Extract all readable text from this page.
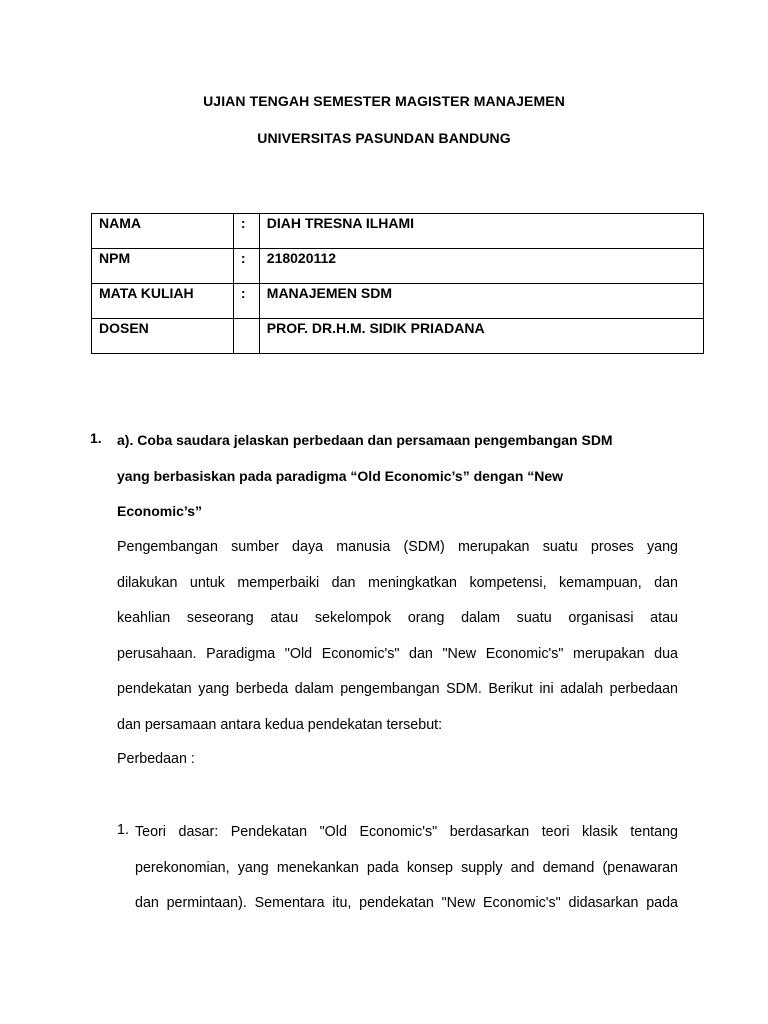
UJIAN TENGAH SEMESTER MAGISTER MANAJEMEN
UNIVERSITAS PASUNDAN BANDUNG
NAMA	:	DIAH TRESNA ILHAMI
NPM	:	218020112
MATA KULIAH	:	MANAJEMEN SDM
DOSEN		PROF. DR.H.M. SIDIK PRIADANA
1. a). Coba saudara jelaskan perbedaan dan persamaan pengembangan SDM
yang berbasiskan pada paradigma “Old Economic’s” dengan “New
Economic’s”
Pengembangan sumber daya manusia (SDM) merupakan suatu proses yang
dilakukan untuk memperbaiki dan meningkatkan kompetensi, kemampuan, dan
keahlian seseorang atau sekelompok orang dalam suatu organisasi atau
perusahaan. Paradigma "Old Economic's" dan "New Economic's" merupakan dua
pendekatan yang berbeda dalam pengembangan SDM. Berikut ini adalah perbedaan
dan persamaan antara kedua pendekatan tersebut:
Perbedaan :
1. Teori dasar: Pendekatan "Old Economic's" berdasarkan teori klasik tentang
perekonomian, yang menekankan pada konsep supply and demand (penawaran
dan permintaan). Sementara itu, pendekatan "New Economic's" didasarkan pada
